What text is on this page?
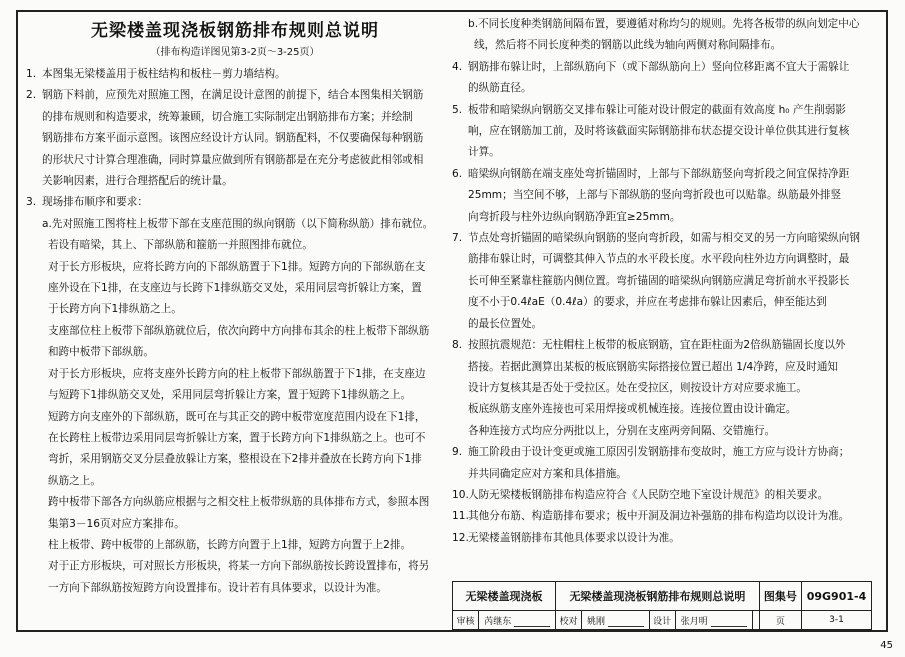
无梁楼盖现浇板钢筋排布规则总说明
（排布构造详图见第3-2页～3-25页）
1. 本图集无梁楼盖用于板柱结构和板柱－剪力墙结构。
2. 钢筋下料前，应预先对照施工图，在满足设计意图的前提下，结合本图集相关钢筋
的排布规则和构造要求，统筹兼顾，切合施工实际制定出钢筋排布方案；并绘制
钢筋排布方案平面示意图。该图应经设计方认同。钢筋配料，不仅要确保每种钢筋
的形状尺寸计算合理准确，同时算量应做到所有钢筋都是在充分考虑彼此相邻或相
关影响因素，进行合理搭配后的统计量。
3. 现场排布顺序和要求：
a.先对照施工图将柱上板带下部在支座范围的纵向钢筋（以下简称纵筋）排布就位。
若设有暗梁，其上、下部纵筋和箍筋一并照图排布就位。
对于长方形板块，应将长跨方向的下部纵筋置于下1排。短跨方向的下部纵筋在支
座外设在下1排，在支座边与长跨下1排纵筋交叉处，采用同层弯折躲让方案，置
于长跨方向下1排纵筋之上。
支座部位柱上板带下部纵筋就位后，依次向跨中方向排布其余的柱上板带下部纵筋
和跨中板带下部纵筋。
对于长方形板块，应将支座外长跨方向的柱上板带下部纵筋置于下1排，在支座边
与短跨下1排纵筋交叉处，采用同层弯折躲让方案，置于短跨下1排纵筋之上。
短跨方向支座外的下部纵筋，既可在与其正交的跨中板带宽度范围内设在下1排，
在长跨柱上板带边采用同层弯折躲让方案，置于长跨方向下1排纵筋之上。也可不
弯折，采用钢筋交叉分层叠放躲让方案，整根设在下2排并叠放在长跨方向下1排
纵筋之上。
跨中板带下部各方向纵筋应根据与之相交柱上板带纵筋的具体排布方式，参照本图
集第3－16页对应方案排布。
柱上板带、跨中板带的上部纵筋，长跨方向置于上1排，短跨方向置于上2排。
对于正方形板块，可对照长方形板块，将某一方向下部纵筋按长跨设置排布，将另
一方向下部纵筋按短跨方向设置排布。设计若有具体要求，以设计为准。
b.不同长度种类钢筋间隔布置，要遵循对称均匀的规则。先将各板带的纵向划定中心
线，然后将不同长度种类的钢筋以此线为轴向两侧对称间隔排布。
4. 钢筋排布躲让时，上部纵筋向下（或下部纵筋向上）竖向位移距离不宜大于需躲让
的纵筋直径。
5. 板带和暗梁纵向钢筋交叉排布躲让可能对设计假定的截面有效高度 h₀ 产生削弱影
响，应在钢筋加工前，及时将该截面实际钢筋排布状态提交设计单位供其进行复核
计算。
6. 暗梁纵向钢筋在端支座处弯折锚固时，上部与下部纵筋竖向弯折段之间宜保持净距
25mm；当空间不够，上部与下部纵筋的竖向弯折段也可以贴靠。纵筋最外排竖
向弯折段与柱外边纵向钢筋净距宜≥25mm。
7. 节点处弯折锚固的暗梁纵向钢筋的竖向弯折段，如需与相交叉的另一方向暗梁纵向钢
筋排布躲让时，可调整其伸入节点的水平段长度。水平段向柱外边方向调整时，最
长可伸至紧靠柱箍筋内侧位置。弯折锚固的暗梁纵向钢筋应满足弯折前水平投影长
度不小于0.4ℓaE（0.4ℓa）的要求，并应在考虑排布躲让因素后，伸至能达到
的最长位置处。
8. 按照抗震规范：无柱帽柱上板带的板底钢筋，宜在距柱面为2倍纵筋锚固长度以外
搭接。若据此测算出某板的板底钢筋实际搭接位置已超出 1/4净跨，应及时通知
设计方复核其是否处于受拉区。处在受拉区，则按设计方对应要求施工。
板底纵筋支座外连接也可采用焊接或机械连接。连接位置由设计确定。
各种连接方式均应分两批以上，分别在支座两旁间隔、交错施行。
9. 施工阶段由于设计变更或施工原因引发钢筋排布变故时，施工方应与设计方协商；
并共同确定应对方案和具体措施。
10.人防无梁楼板钢筋排布构造应符合《人民防空地下室设计规范》的相关要求。
11.其他分布筋、构造筋排布要求；板中开洞及洞边补强筋的排布构造均以设计为准。
12.无梁楼盖钢筋排布其他具体要求以设计为准。
无梁楼盖现浇板		无梁楼盖现浇板钢筋排布规则总说明					图集号	09G901-4
审核	芮继东	校对	姚刚	设计	张月明		页	3-1
45
